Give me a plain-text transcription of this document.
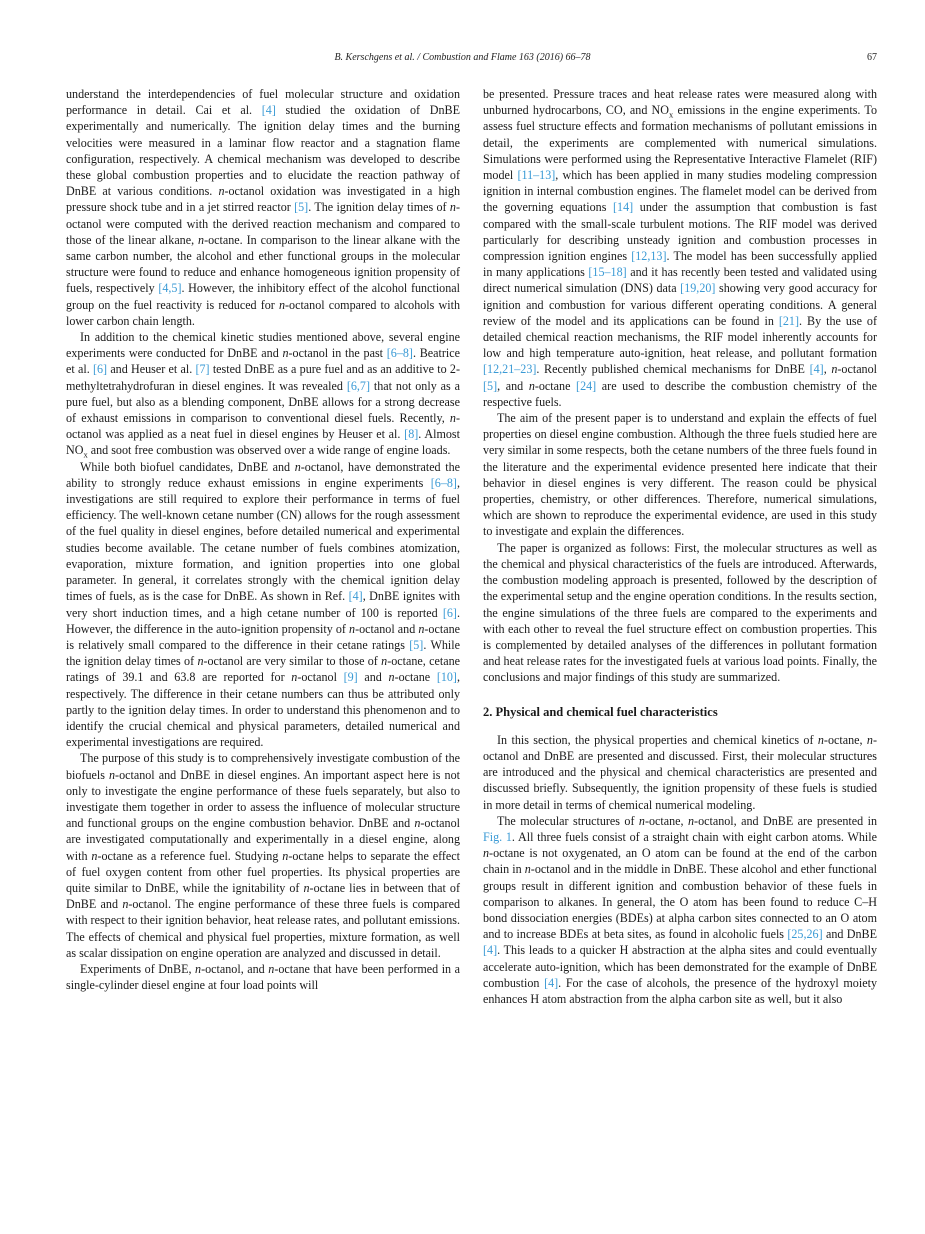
B. Kerschgens et al. / Combustion and Flame 163 (2016) 66–78	67

understand the interdependencies of fuel molecular structure and oxidation performance in detail. Cai et al. [4] studied the oxidation of DnBE experimentally and numerically. The ignition delay times and the burning velocities were measured in a laminar flow reactor and a stagnation flame configuration, respectively. A chemical mechanism was developed to describe these global combustion properties and to elucidate the reaction pathway of DnBE at various conditions. n-octanol oxidation was investigated in a high pressure shock tube and in a jet stirred reactor [5]. The ignition delay times of n-octanol were computed with the derived reaction mechanism and compared to those of the linear alkane, n-octane. In comparison to the linear alkane with the same carbon number, the alcohol and ether functional groups in the molecular structure were found to reduce and enhance homogeneous ignition propensity of fuels, respectively [4,5]. However, the inhibitory effect of the alcohol functional group on the fuel reactivity is reduced for n-octanol compared to alcohols with lower carbon chain length.

In addition to the chemical kinetic studies mentioned above, several engine experiments were conducted for DnBE and n-octanol in the past [6–8]. Beatrice et al. [6] and Heuser et al. [7] tested DnBE as a pure fuel and as an additive to 2-methyltetrahydrofuran in diesel engines. It was revealed [6,7] that not only as a pure fuel, but also as a blending component, DnBE allows for a strong decrease of exhaust emissions in comparison to conventional diesel fuels. Recently, n-octanol was applied as a neat fuel in diesel engines by Heuser et al. [8]. Almost $NO_x$ and soot free combustion was observed over a wide range of engine loads.

While both biofuel candidates, DnBE and n-octanol, have demonstrated the ability to strongly reduce exhaust emissions in engine experiments [6–8], investigations are still required to explore their performance in terms of fuel efficiency. The well-known cetane number (CN) allows for the rough assessment of the fuel quality in diesel engines, before detailed numerical and experimental studies become available. The cetane number of fuels combines atomization, evaporation, mixture formation, and ignition properties into one global parameter. In general, it correlates strongly with the chemical ignition delay times of fuels, as is the case for DnBE. As shown in Ref. [4], DnBE ignites with very short induction times, and a high cetane number of 100 is reported [6]. However, the difference in the auto-ignition propensity of n-octanol and n-octane is relatively small compared to the difference in their cetane ratings [5]. While the ignition delay times of n-octanol are very similar to those of n-octane, cetane ratings of 39.1 and 63.8 are reported for n-octanol [9] and n-octane [10], respectively. The difference in their cetane numbers can thus be attributed only partly to the ignition delay times. In order to understand this phenomenon and to identify the crucial chemical and physical parameters, detailed numerical and experimental investigations are required.

The purpose of this study is to comprehensively investigate combustion of the biofuels n-octanol and DnBE in diesel engines. An important aspect here is not only to investigate the engine performance of these fuels separately, but also to investigate them together in order to assess the influence of molecular structure and functional groups on the engine combustion behavior. DnBE and n-octanol are investigated computationally and experimentally in a diesel engine, along with n-octane as a reference fuel. Studying n-octane helps to separate the effect of fuel oxygen content from other fuel properties. Its physical properties are quite similar to DnBE, while the ignitability of n-octane lies in between that of DnBE and n-octanol. The engine performance of these three fuels is compared with respect to their ignition behavior, heat release rates, and pollutant emissions. The effects of chemical and physical fuel properties, mixture formation, as well as scalar dissipation on engine operation are analyzed and discussed in detail.

Experiments of DnBE, n-octanol, and n-octane that have been performed in a single-cylinder diesel engine at four load points will

be presented. Pressure traces and heat release rates were measured along with unburned hydrocarbons, CO, and $NO_x$ emissions in the engine experiments. To assess fuel structure effects and formation mechanisms of pollutant emissions in detail, the experiments are complemented with numerical simulations. Simulations were performed using the Representative Interactive Flamelet (RIF) model [11–13], which has been applied in many studies modeling compression ignition in internal combustion engines. The flamelet model can be derived from the governing equations [14] under the assumption that combustion is fast compared with the small-scale turbulent motions. The RIF model was derived particularly for describing unsteady ignition and combustion processes in compression ignition engines [12,13]. The model has been successfully applied in many applications [15–18] and it has recently been tested and validated using direct numerical simulation (DNS) data [19,20] showing very good accuracy for ignition and combustion for various different operating conditions. A general review of the model and its applications can be found in [21]. By the use of detailed chemical reaction mechanisms, the RIF model inherently accounts for low and high temperature auto-ignition, heat release, and pollutant formation [12,21–23]. Recently published chemical mechanisms for DnBE [4], n-octanol [5], and n-octane [24] are used to describe the combustion chemistry of the respective fuels.

The aim of the present paper is to understand and explain the effects of fuel properties on diesel engine combustion. Although the three fuels studied here are very similar in some respects, both the cetane numbers of the three fuels found in the literature and the experimental evidence presented here indicate that their behavior in diesel engines is very different. The reason could be physical properties, chemistry, or other differences. Therefore, numerical simulations, which are shown to reproduce the experimental evidence, are used in this study to investigate and explain the differences.

The paper is organized as follows: First, the molecular structures as well as the chemical and physical characteristics of the fuels are introduced. Afterwards, the combustion modeling approach is presented, followed by the description of the experimental setup and the engine operation conditions. In the results section, the engine simulations of the three fuels are compared to the experiments and with each other to reveal the fuel structure effect on combustion properties. This is complemented by detailed analyses of the differences in pollutant formation and heat release rates for the investigated fuels at various load points. Finally, the conclusions and major findings of this study are summarized.

2. Physical and chemical fuel characteristics

In this section, the physical properties and chemical kinetics of n-octane, n-octanol and DnBE are presented and discussed. First, their molecular structures are introduced and the physical and chemical characteristics are presented and discussed briefly. Subsequently, the ignition propensity of these fuels is studied in more detail in terms of chemical numerical modeling.

The molecular structures of n-octane, n-octanol, and DnBE are presented in Fig. 1. All three fuels consist of a straight chain with eight carbon atoms. While n-octane is not oxygenated, an O atom can be found at the end of the carbon chain in n-octanol and in the middle in DnBE. These alcohol and ether functional groups result in different ignition and combustion behavior of these fuels in comparison to alkanes. In general, the O atom has been found to reduce C–H bond dissociation energies (BDEs) at alpha carbon sites connected to an O atom and to increase BDEs at beta sites, as found in alcoholic fuels [25,26] and DnBE [4]. This leads to a quicker H abstraction at the alpha sites and could eventually accelerate auto-ignition, which has been demonstrated for the example of DnBE combustion [4]. For the case of alcohols, the presence of the hydroxyl moiety enhances H atom abstraction from the alpha carbon site as well, but it also
